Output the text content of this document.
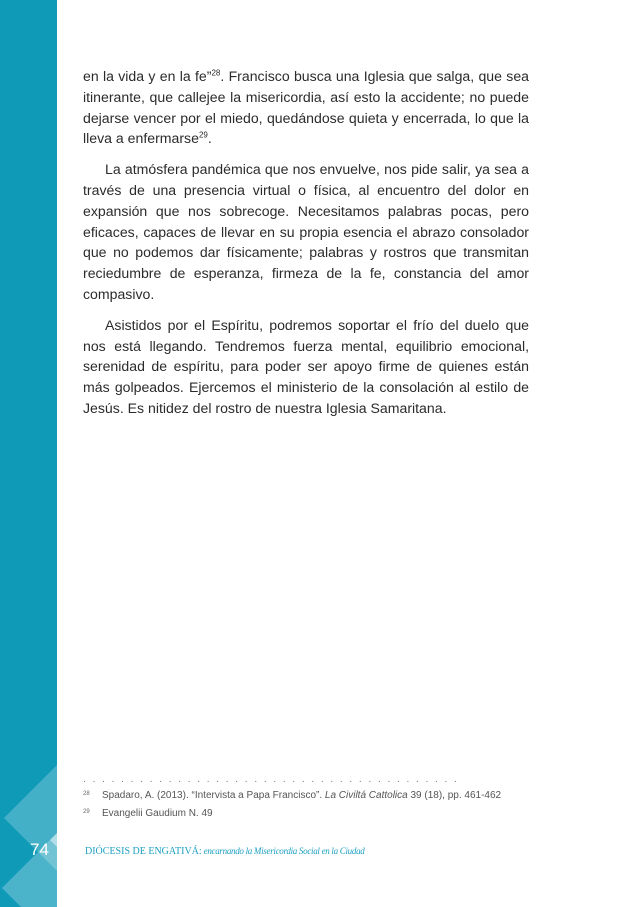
en la vida y en la fe”$^{28}$. Francisco busca una Iglesia que salga, que sea itinerante, que callejee la misericordia, así esto la accidente; no puede dejarse vencer por el miedo, quedándose quieta y encerrada, lo que la lleva a enfermarse$^{29}$.

La atmósfera pandémica que nos envuelve, nos pide salir, ya sea a través de una presencia virtual o física, al encuentro del dolor en expansión que nos sobrecoge. Necesitamos palabras pocas, pero eficaces, capaces de llevar en su propia esencia el abrazo consolador que no podemos dar físicamente; palabras y rostros que transmitan reciedumbre de esperanza, firmeza de la fe, constancia del amor compasivo.

Asistidos por el Espíritu, podremos soportar el frío del duelo que nos está llegando. Tendremos fuerza mental, equilibrio emocional, serenidad de espíritu, para poder ser apoyo firme de quienes están más golpeados. Ejercemos el ministerio de la consolación al estilo de Jesús. Es nitidez del rostro de nuestra Iglesia Samaritana.

․ ․ ․ ․ ․ ․ ․ ․ ․ ․ ․ ․ ․ ․ ․ ․ ․ ․ ․ ․ ․ ․ ․ ․ ․ ․ ․ ․ ․ ․ ․ ․ ․ ․ ․ ․ ․ ․ ․ ․
28 Spadaro, A. (2013). “Intervista a Papa Francisco”. La Civiltá Cattolica 39 (18), pp. 461-462
29 Evangelii Gaudium N. 49
74	DIÓCESIS DE ENGATIVÁ: encarnando la Misericordia Social en la Ciudad
